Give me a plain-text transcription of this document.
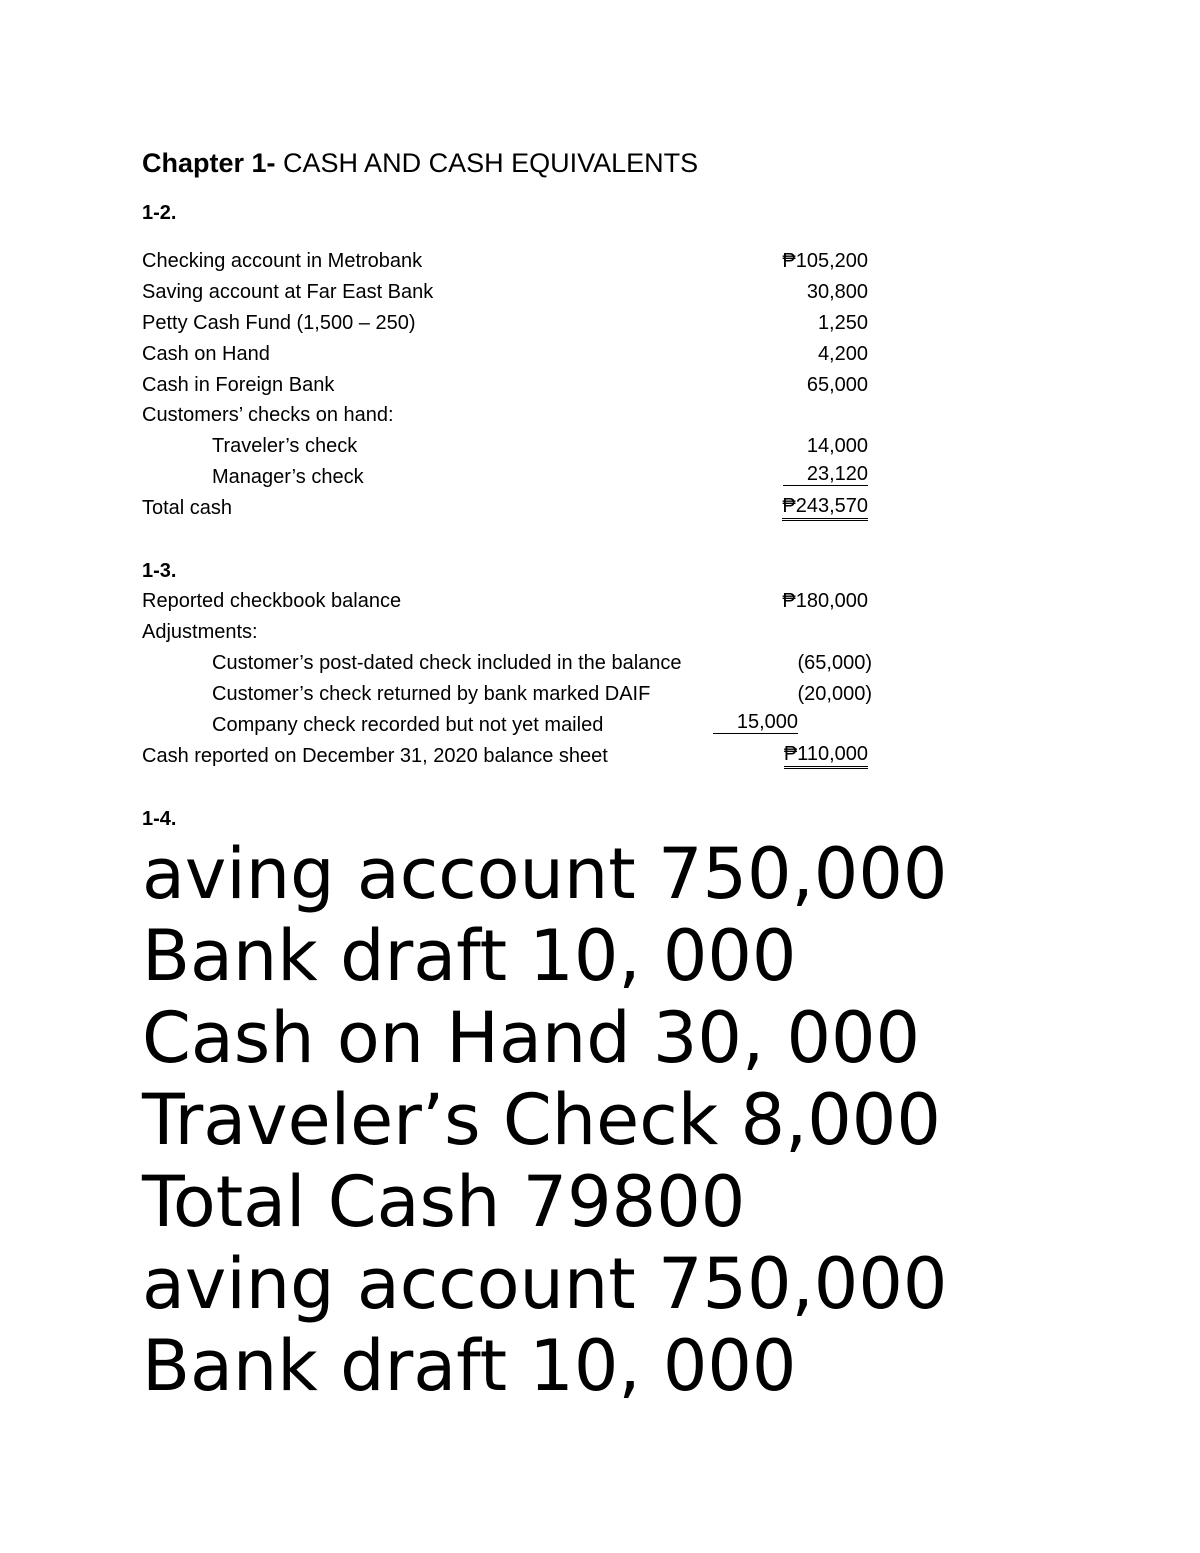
Chapter 1- CASH AND CASH EQUIVALENTS
1-2.
Checking account in Metrobank	₱105,200
Saving account at Far East Bank	30,800
Petty Cash Fund (1,500 – 250)	1,250
Cash on Hand	4,200
Cash in Foreign Bank	65,000
Customers’ checks on hand:
Traveler’s check	14,000
Manager’s check	23,120
Total cash	₱243,570
1-3.
Reported checkbook balance	₱180,000
Adjustments:
Customer’s post-dated check included in the balance	(65,000)
Customer’s check returned by bank marked DAIF	(20,000)
Company check recorded but not yet mailed	15,000
Cash reported on December 31, 2020 balance sheet	₱110,000
1-4.
aving account 750,000
Bank draft 10, 000
Cash on Hand 30, 000
Traveler’s Check 8,000
Total Cash 79800
aving account 750,000
Bank draft 10, 000
